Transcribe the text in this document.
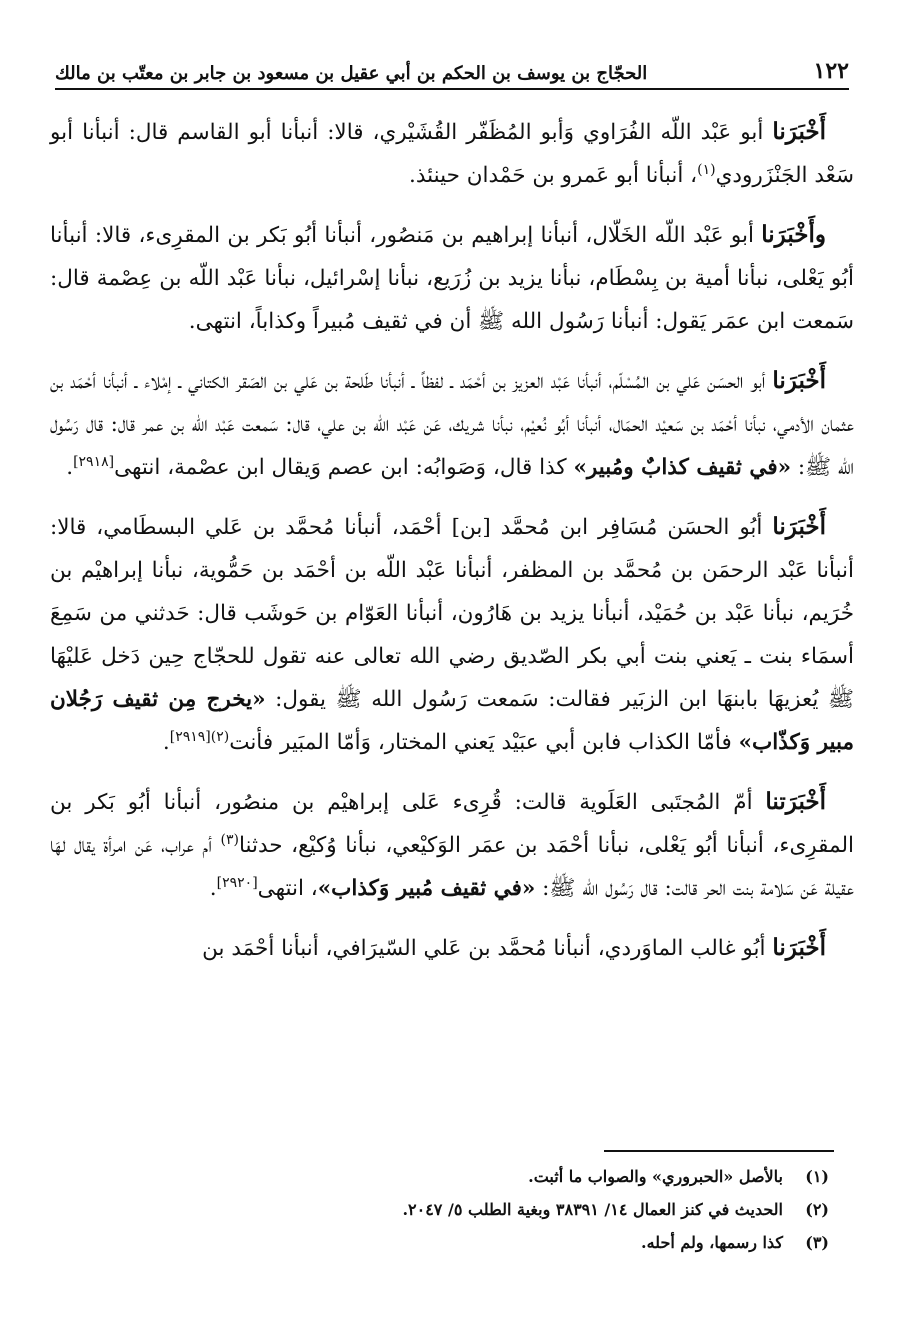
١٢٢
الحجّاج بن يوسف بن الحكم بن أبي عقيل بن مسعود بن جابر بن معتّب بن مالك

أَخْبَرَنا أبو عَبْد اللّه الفُرَاوي وَأبو المُظَفّر القُشَيْري، قالا: أنبأنا أبو القاسم قال: أنبأنا أبو سَعْد الجَنْزَرودي$^{(١)}$، أنبأنا أبو عَمرو بن حَمْدان حينئذ.

وأَخْبَرَنا أبو عَبْد اللّه الخَلّال، أنبأنا إبراهيم بن مَنصُور، أنبأنا أبُو بَكر بن المقرِىء، قالا: أنبأنا أبُو يَعْلى، نبأنا أمية بن بِسْطَام، نبأنا يزيد بن زُرَيع، نبأنا إسْرائيل، نبأنا عَبْد اللّه بن عِصْمة قال: سَمعت ابن عمَر يَقول: أنبأنا رَسُول الله ﷺ أن في ثقيف مُبيراً وكذاباً، انتهى.

أَخْبَرَنا أبو الحسَن عَلي بن المُسْلّم، أنبأنا عَبْد العزيز بن أحْمَد ـ لفظاً ـ أنبأنا طَلحة بن عَلي بن الصَقر الكتاني ـ إمْلاء ـ أنبأنا أحْمَد بن عثمان الأدمي، نبأنا أحْمَد بن سَعيْد الحمَال، أنبأنا أبُو نُعيْم، نبأنا شريك، عَن عَبْد اللّه بن علي، قال: سَمعت عَبْد اللّه بن عمر قال: قال رَسُول الله ﷺ: «في ثقيف كذابٌ ومُبير» كذا قال، وَصَوابُه: ابن عصم وَيقال ابن عصْمة، انتهى[٢٩١٨].

أَخْبَرَنا أبُو الحسَن مُسَافِر ابن مُحمَّد [بن] أحْمَد، أنبأنا مُحمَّد بن عَلي البسطَامي، قالا: أنبأنا عَبْد الرحمَن بن مُحمَّد بن المظفر، أنبأنا عَبْد اللّه بن أحْمَد بن حَمُّوية، نبأنا إبراهيْم بن خُرَيم، نبأنا عَبْد بن حُمَيْد، أنبأنا يزيد بن هَارُون، أنبأنا العَوّام بن حَوشَب قال: حَدثني من سَمِعَ أسمَاء بنت ـ يَعني بنت أبي بكر الصّديق رضي الله تعالى عنه تقول للحجّاج حِين دَخل عَليْهَا ﷺ يُعزيهَا بابنهَا ابن الزبَير فقالت: سَمعت رَسُول الله ﷺ يقول: «يخرج مِن ثقيف رَجُلان مبير وَكذّاب» فأمّا الكذاب فابن أبي عبَيْد يَعني المختار، وَأمّا المبَير فأنت$^{(٢)[٢٩١٩]}$.

أَخْبَرَتنا أمّ المُجتَبى العَلَوية قالت: قُرِىء عَلى إبراهيْم بن منصُور، أنبأنا أبُو بَكر بن المقرِىء، أنبأنا أبُو يَعْلى، نبأنا أحْمَد بن عمَر الوَكيْعي، نبأنا وُكيْع، حدثنا$^{(٣)}$ أم عراب، عَن امرأة يقال لهَا عقيلة عَن سَلامة بنت الحر قالت: قال رَسُول الله ﷺ: «في ثقيف مُبير وَكذاب»، انتهى[٢٩٢٠].

أَخْبَرَنا أبُو غالب الماوَردي، أنبأنا مُحمَّد بن عَلي السّيرَافي، أنبأنا أحْمَد بن

(١)
بالأصل «الحبروري» والصواب ما أثبت.
(٢)
الحديث في كنز العمال ١٤/ ٣٨٣٩١ وبغية الطلب ٥/ ٢٠٤٧.
(٣)
كذا رسمها، ولم أحله.
